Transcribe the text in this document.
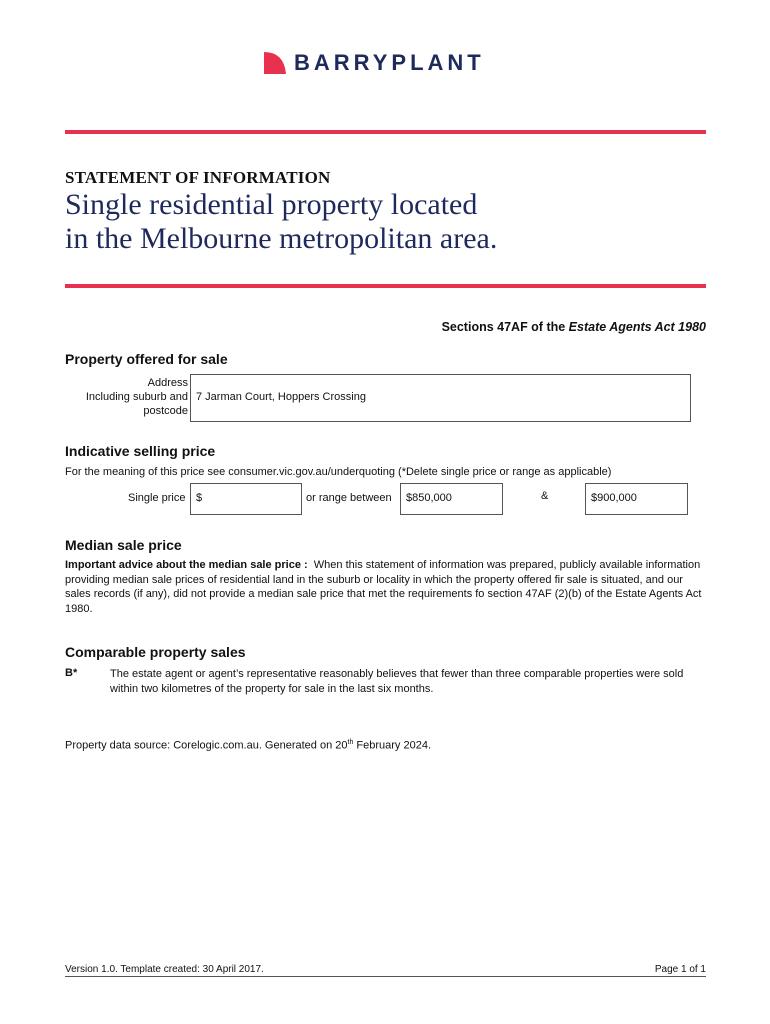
BARRYPLANT
STATEMENT OF INFORMATION
Single residential property located
in the Melbourne metropolitan area.
Sections 47AF of the Estate Agents Act 1980
Property offered for sale
Address
Including suburb and
postcode
7 Jarman Court, Hoppers Crossing
Indicative selling price
For the meaning of this price see consumer.vic.gov.au/underquoting (*Delete single price or range as applicable)
Single price $	or range between	$850,000	&	$900,000
Median sale price
Important advice about the median sale price : When this statement of information was prepared, publicly available information providing median sale prices of residential land in the suburb or locality in which the property offered fir sale is situated, and our sales records (if any), did not provide a median sale price that met the requirements fo section 47AF (2)(b) of the Estate Agents Act 1980.
Comparable property sales
B*	The estate agent or agent’s representative reasonably believes that fewer than three comparable properties were sold within two kilometres of the property for sale in the last six months.
Property data source: Corelogic.com.au. Generated on 20th February 2024.
Version 1.0. Template created: 30 April 2017.	Page 1 of 1
